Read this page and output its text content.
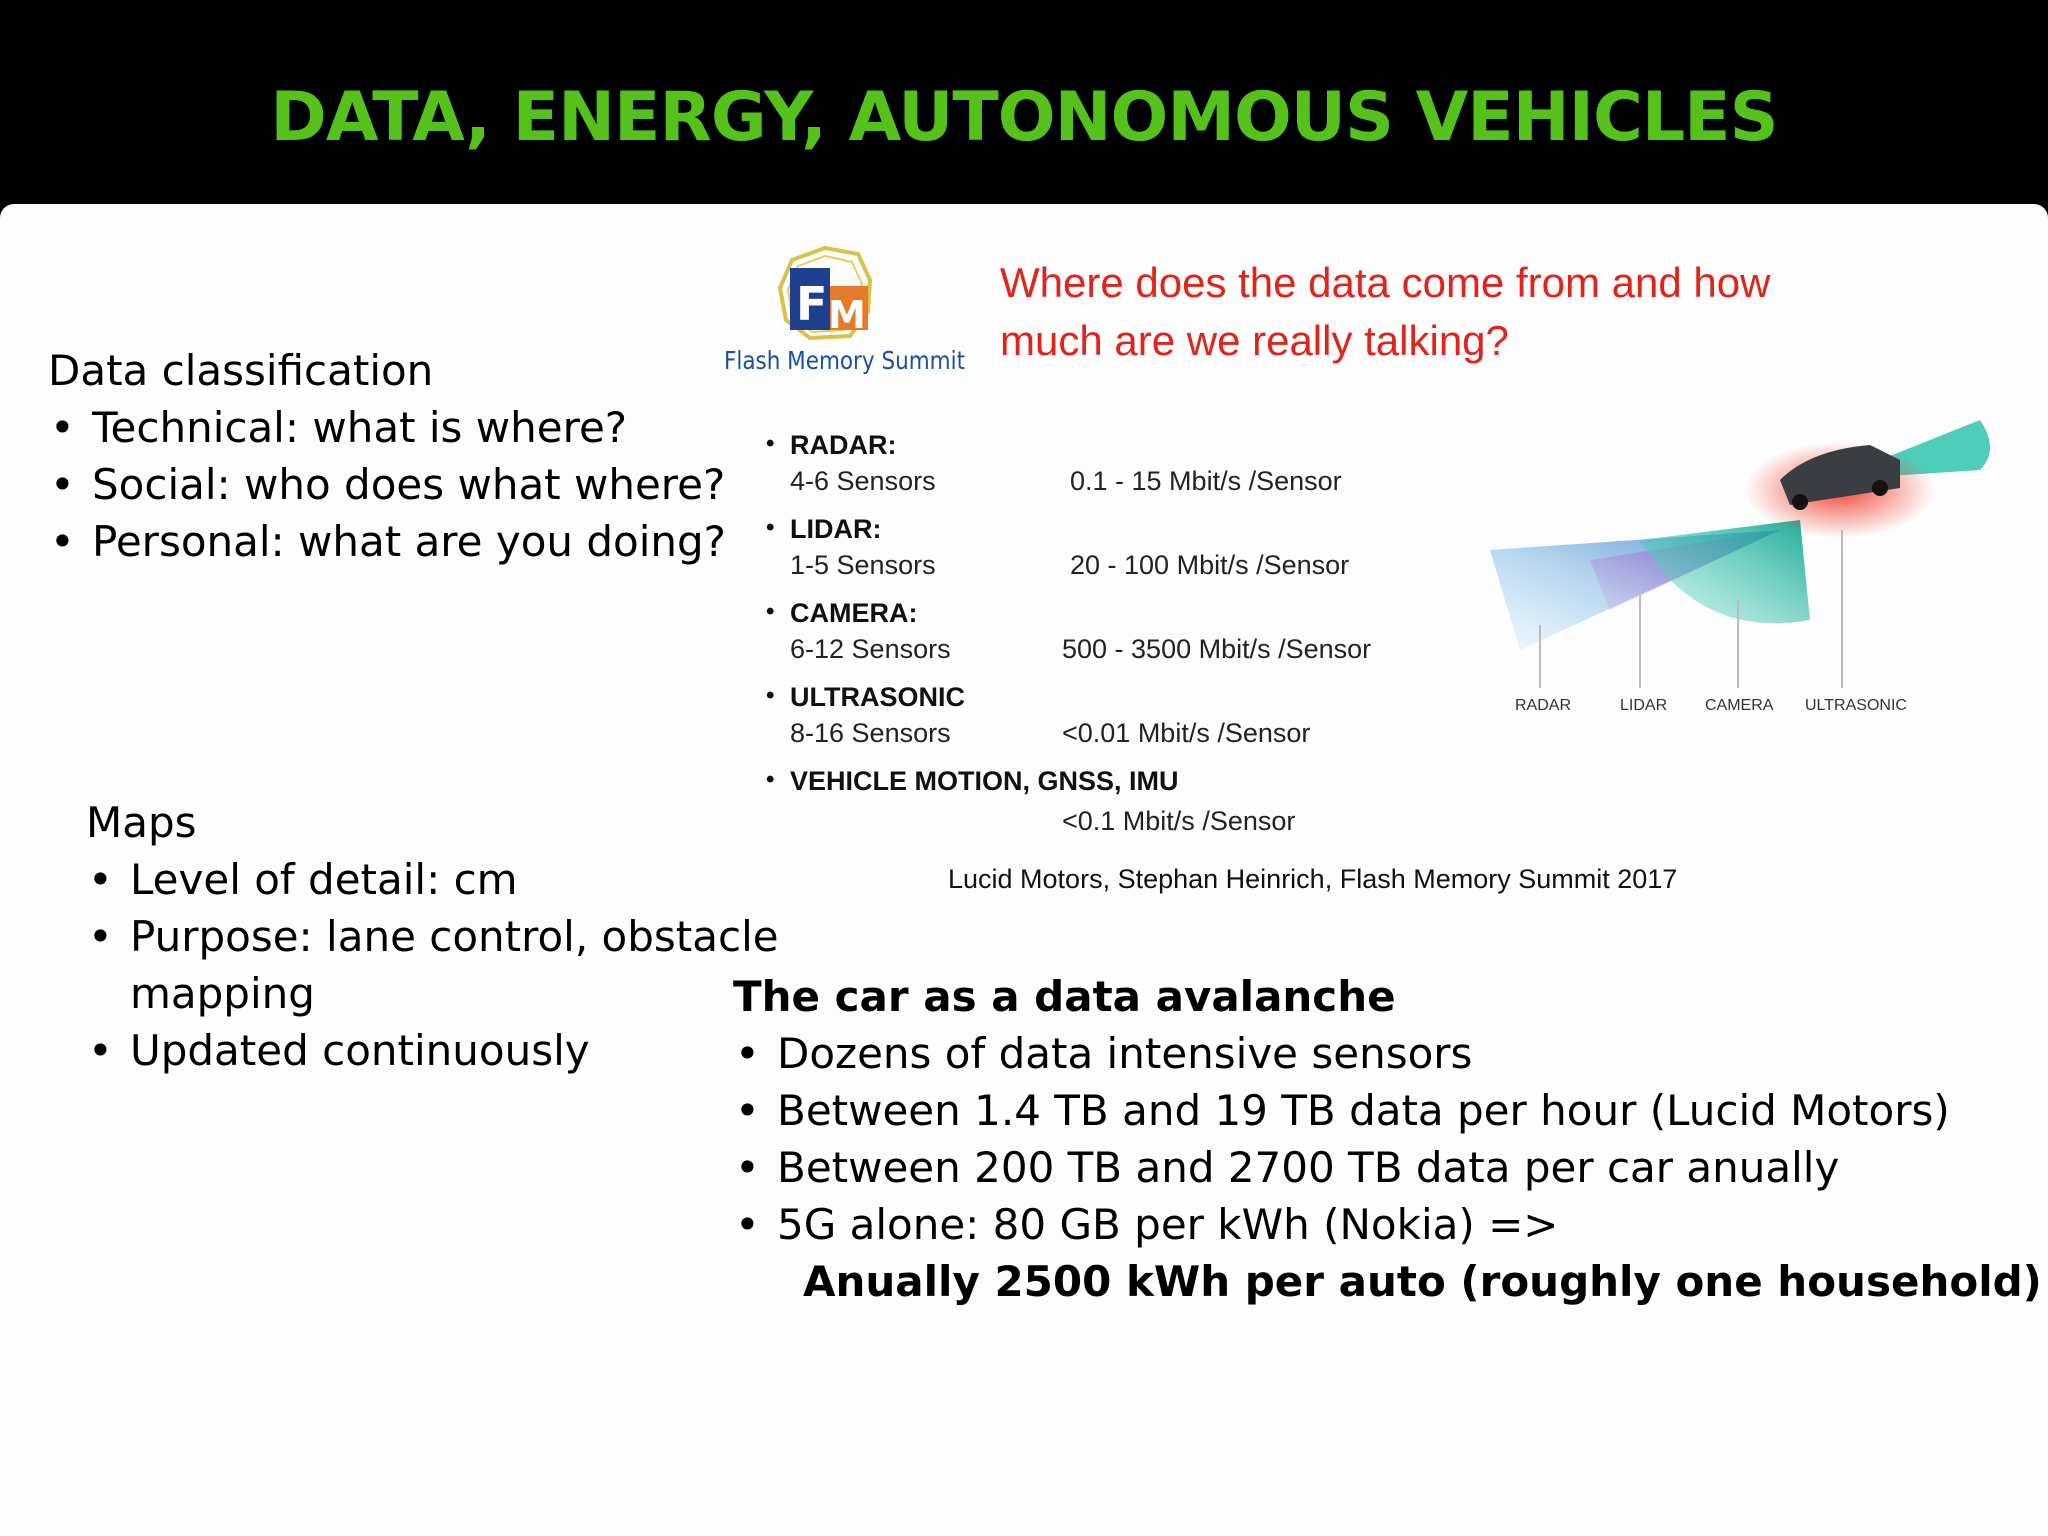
DATA, ENERGY, AUTONOMOUS VEHICLES
Data classification
• Technical: what is where?
• Social: who does what where?
• Personal: what are you doing?
Maps
• Level of detail: cm
• Purpose: lane control, obstacle
mapping
• Updated continuously
F M
Flash Memory Summit
Where does the data come from and how
much are we really talking?
• RADAR:
4-6 Sensors	0.1 - 15 Mbit/s /Sensor
• LIDAR:
1-5 Sensors	20 - 100 Mbit/s /Sensor
• CAMERA:
6-12 Sensors	500 - 3500 Mbit/s /Sensor
• ULTRASONIC
8-16 Sensors	<0.01 Mbit/s /Sensor
• VEHICLE MOTION, GNSS, IMU
<0.1 Mbit/s /Sensor
RADAR	LIDAR CAMERA ULTRASONIC
Lucid Motors, Stephan Heinrich, Flash Memory Summit 2017
The car as a data avalanche
• Dozens of data intensive sensors
• Between 1.4 TB and 19 TB data per hour (Lucid Motors)
• Between 200 TB and 2700 TB data per car anually
• 5G alone: 80 GB per kWh (Nokia) =>
Anually 2500 kWh per auto (roughly one household)
